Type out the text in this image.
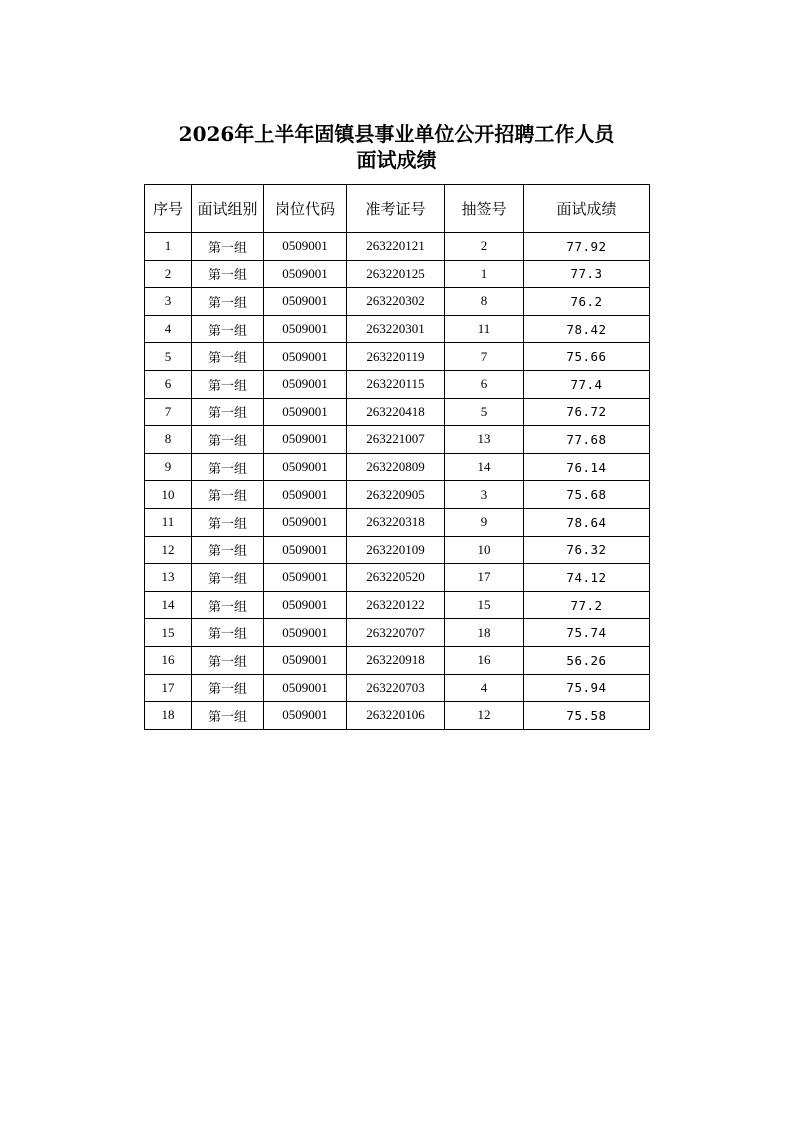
2026年上半年固镇县事业单位公开招聘工作人员
面试成绩
序号	面试组别	岗位代码	准考证号	抽签号	面试成绩
1	第一组	0509001	263220121	2	77.92
2	第一组	0509001	263220125	1	77.3
3	第一组	0509001	263220302	8	76.2
4	第一组	0509001	263220301	11	78.42
5	第一组	0509001	263220119	7	75.66
6	第一组	0509001	263220115	6	77.4
7	第一组	0509001	263220418	5	76.72
8	第一组	0509001	263221007	13	77.68
9	第一组	0509001	263220809	14	76.14
10	第一组	0509001	263220905	3	75.68
11	第一组	0509001	263220318	9	78.64
12	第一组	0509001	263220109	10	76.32
13	第一组	0509001	263220520	17	74.12
14	第一组	0509001	263220122	15	77.2
15	第一组	0509001	263220707	18	75.74
16	第一组	0509001	263220918	16	56.26
17	第一组	0509001	263220703	4	75.94
18	第一组	0509001	263220106	12	75.58
